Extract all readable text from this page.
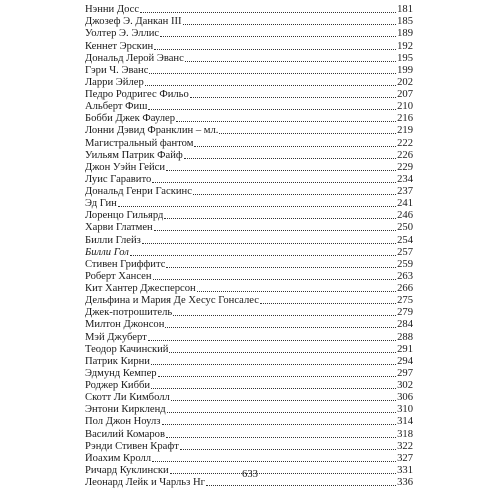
Нэнни Досс	181
Джозеф Э. Данкан III	185
Уолтер Э. Эллис	189
Кеннет Эрскин	192
Дональд Лерой Эванс	195
Гэри Ч. Эванс	199
Ларри Эйлер	202
Педро Родригес Фильо	207
Альберт Фиш	210
Бобби Джек Фаулер	216
Лонни Дэвид Франклин – мл.	219
Магистральный фантом	222
Уильям Патрик Файф	226
Джон Уэйн Гейси	229
Луис Гаравито	234
Дональд Генри Гаскинс	237
Эд Гин	241
Лоренцо Гильярд	246
Харви Глатмен	250
Билли Глейз	254
Билли Гол	257
Стивен Гриффитс	259
Роберт Хансен	263
Кит Хантер Джесперсон	266
Дельфина и Мария Де Хесус Гонсалес	275
Джек-потрошитель	279
Милтон Джонсон	284
Мэй Джуберт	288
Теодор Качинский	291
Патрик Кирни	294
Эдмунд Кемпер	297
Роджер Кибби	302
Скотт Ли Кимболл	306
Энтони Киркленд	310
Пол Джон Ноулз	314
Василий Комаров	318
Рэнди Стивен Крафт	322
Йоахим Кролл	327
Ричард Куклински	331
Леонард Лейк и Чарльз Нг	336
633
